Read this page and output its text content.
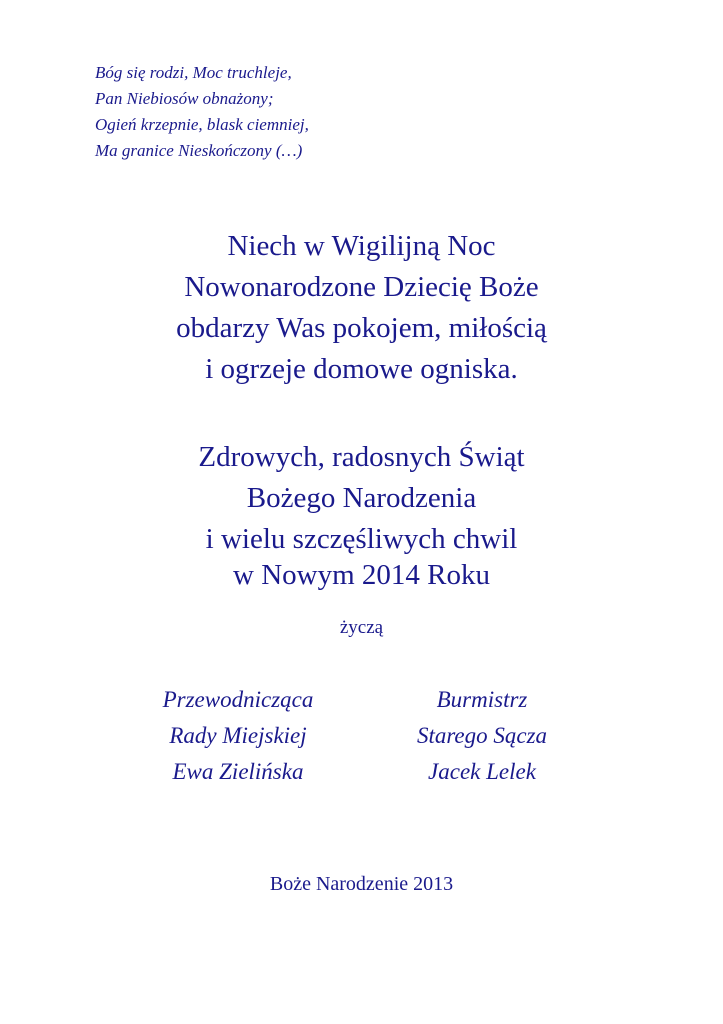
Bóg się rodzi, Moc truchleje,
Pan Niebiosów obnażony;
Ogień krzepnie, blask ciemniej,
Ma granice Nieskończony (…)
Niech w Wigilijną Noc
Nowonarodzone Dziecię Boże
obdarzy Was pokojem, miłością
i ogrzeje domowe ogniska.
Zdrowych, radosnych Świąt
Bożego Narodzenia
i wielu szczęśliwych chwil
w Nowym 2014 Roku
życzą
Przewodnicząca
Rady Miejskiej
Ewa Zielińska
Burmistrz
Starego Sącza
Jacek Lelek
Boże Narodzenie 2013
